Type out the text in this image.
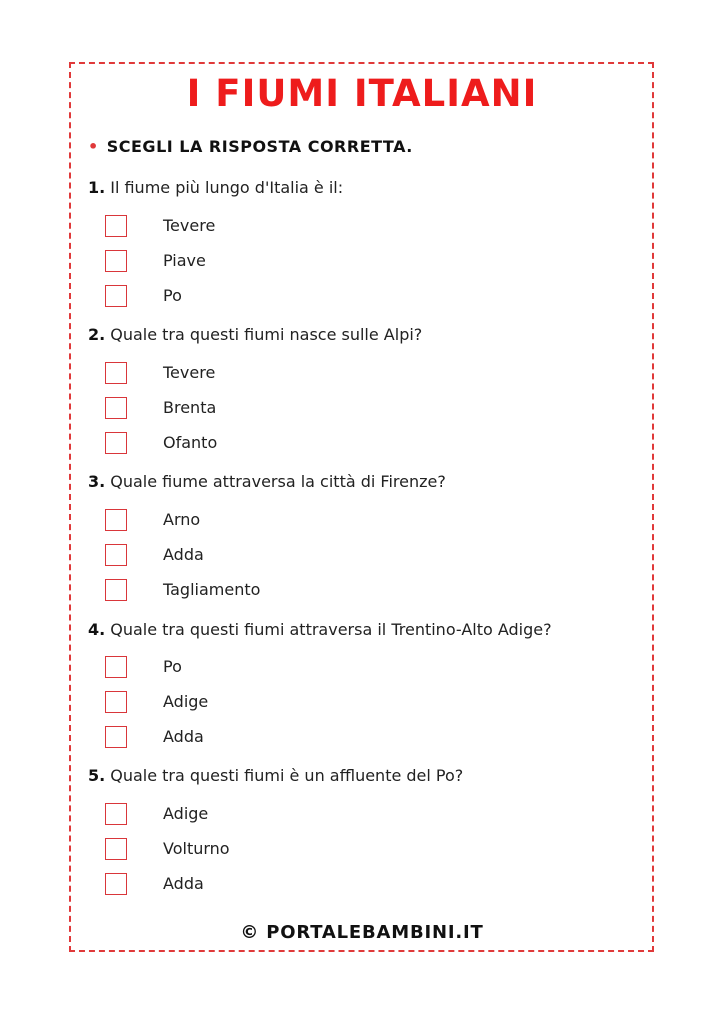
I FIUMI ITALIANI
• SCEGLI LA RISPOSTA CORRETTA.
1. Il fiume più lungo d'Italia è il:
Tevere
Piave
Po
2. Quale tra questi fiumi nasce sulle Alpi?
Tevere
Brenta
Ofanto
3. Quale fiume attraversa la città di Firenze?
Arno
Adda
Tagliamento
4. Quale tra questi fiumi attraversa il Trentino-Alto Adige?
Po
Adige
Adda
5. Quale tra questi fiumi è un affluente del Po?
Adige
Volturno
Adda
© PORTALEBAMBINI.IT
